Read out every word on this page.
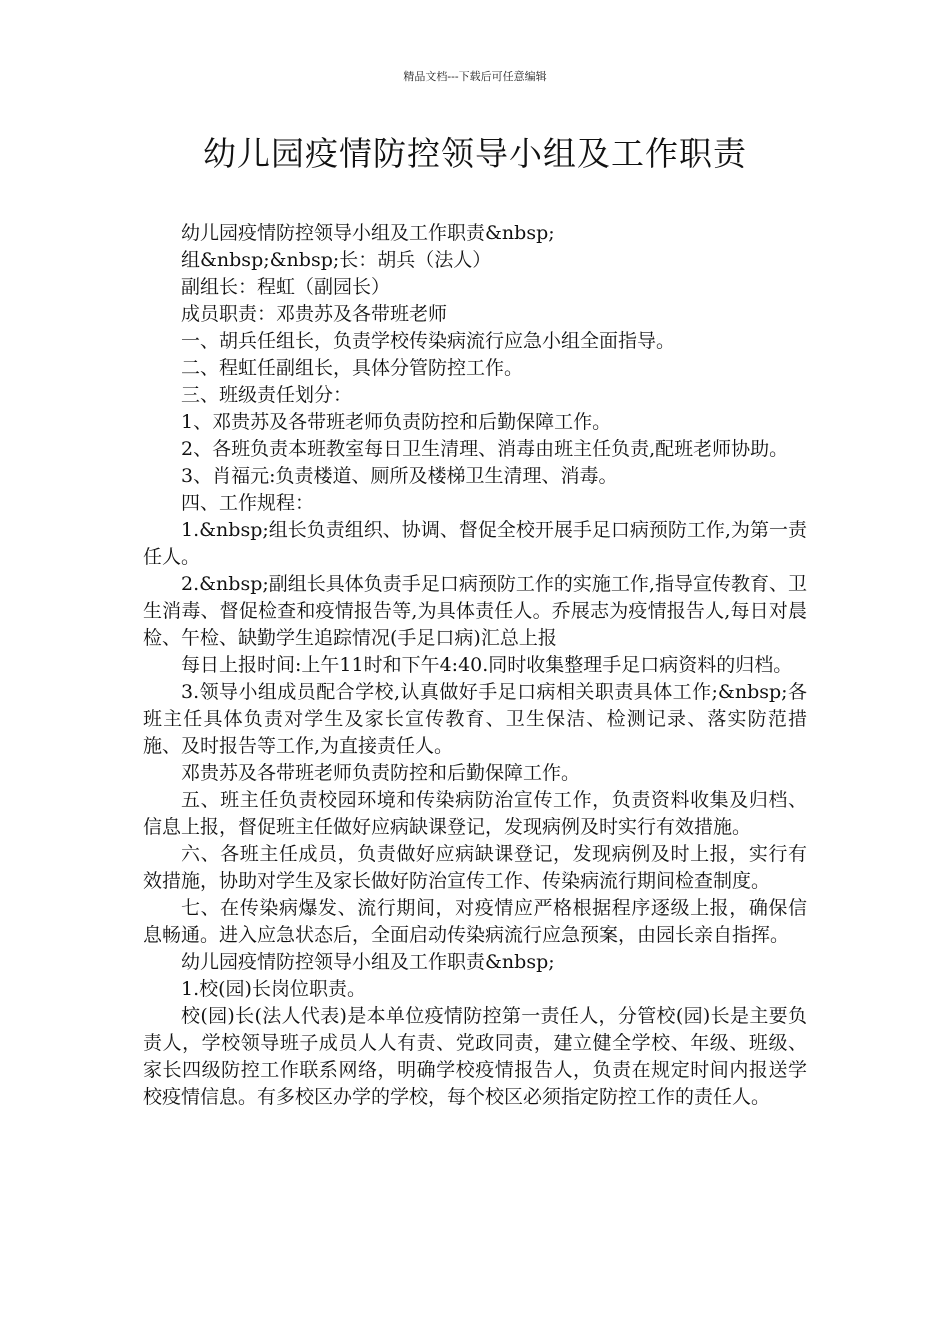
精品文档---下载后可任意编辑
幼儿园疫情防控领导小组及工作职责

幼儿园疫情防控领导小组及工作职责&nbsp;

组&nbsp;&nbsp;长：胡兵（法人）

副组长：程虹（副园长）

成员职责：邓贵苏及各带班老师

一、胡兵任组长，负责学校传染病流行应急小组全面指导。

二、程虹任副组长，具体分管防控工作。

三、班级责任划分：

1、邓贵苏及各带班老师负责防控和后勤保障工作。

2、各班负责本班教室每日卫生清理、消毒由班主任负责,配班老师协助。

3、肖福元:负责楼道、厕所及楼梯卫生清理、消毒。

四、工作规程：

1.&nbsp;组长负责组织、协调、督促全校开展手足口病预防工作,为第一责任人。

2.&nbsp;副组长具体负责手足口病预防工作的实施工作,指导宣传教育、卫生消毒、督促检查和疫情报告等,为具体责任人。乔展志为疫情报告人,每日对晨检、午检、缺勤学生追踪情况(手足口病)汇总上报

每日上报时间:上午11时和下午4:40.同时收集整理手足口病资料的归档。

3.领导小组成员配合学校,认真做好手足口病相关职责具体工作;&nbsp;各班主任具体负责对学生及家长宣传教育、卫生保洁、检测记录、落实防范措施、及时报告等工作,为直接责任人。

邓贵苏及各带班老师负责防控和后勤保障工作。

五、班主任负责校园环境和传染病防治宣传工作，负责资料收集及归档、信息上报，督促班主任做好应病缺课登记，发现病例及时实行有效措施。

六、各班主任成员，负责做好应病缺课登记，发现病例及时上报，实行有效措施，协助对学生及家长做好防治宣传工作、传染病流行期间检查制度。

七、在传染病爆发、流行期间，对疫情应严格根据程序逐级上报，确保信息畅通。进入应急状态后，全面启动传染病流行应急预案，由园长亲自指挥。

幼儿园疫情防控领导小组及工作职责&nbsp;

1.校(园)长岗位职责。

校(园)长(法人代表)是本单位疫情防控第一责任人，分管校(园)长是主要负责人，学校领导班子成员人人有责、党政同责，建立健全学校、年级、班级、家长四级防控工作联系网络，明确学校疫情报告人，负责在规定时间内报送学校疫情信息。有多校区办学的学校，每个校区必须指定防控工作的责任人。
